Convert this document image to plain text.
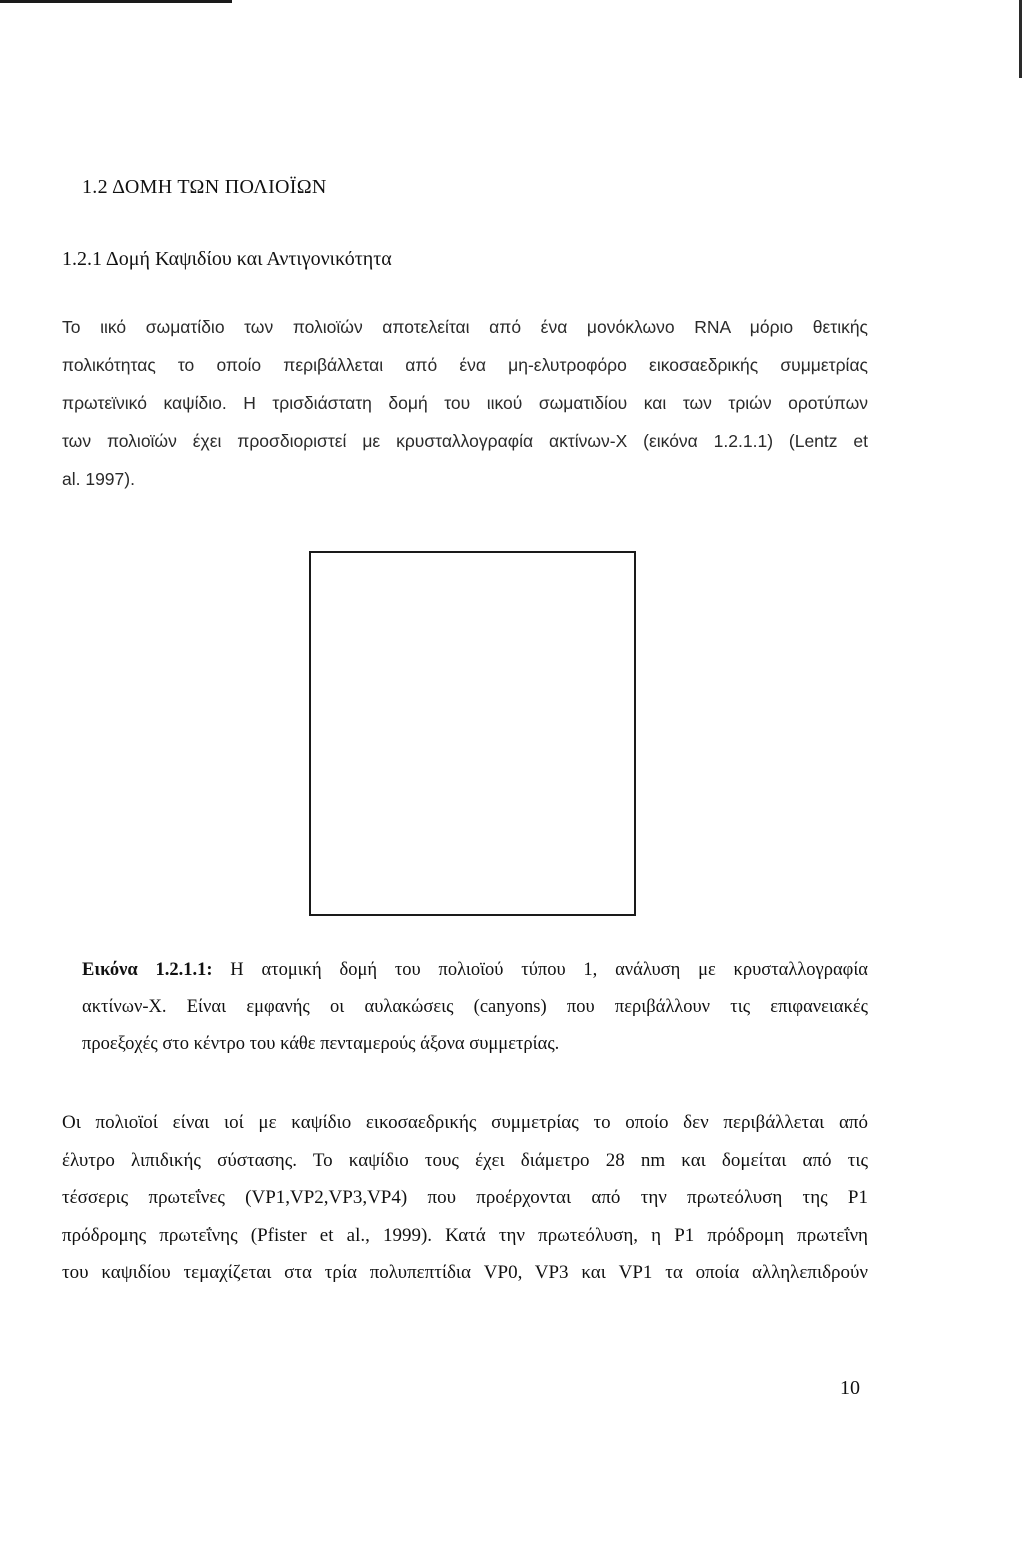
1.2 ΔΟΜΗ ΤΩΝ ΠΟΛΙΟΪΩΝ
1.2.1 Δομή Καψιδίου και Αντιγονικότητα

Το ιικό σωματίδιο των πολιοϊών αποτελείται από ένα μονόκλωνο RNA μόριο θετικής
πολικότητας το οποίο περιβάλλεται από ένα μη-ελυτροφόρο εικοσαεδρικής συμμετρίας
πρωτεϊνικό καψίδιο. Η τρισδιάστατη δομή του ιικού σωματιδίου και των τριών οροτύπων
των πολιοϊών έχει προσδιοριστεί με κρυσταλλογραφία ακτίνων-Χ (εικόνα 1.2.1.1) (Lentz et
al. 1997).

Εικόνα 1.2.1.1: Η ατομική δομή του πολιοϊού τύπου 1, ανάλυση με κρυσταλλογραφία
ακτίνων-Χ. Είναι εμφανής οι αυλακώσεις (canyons) που περιβάλλουν τις επιφανειακές
προεξοχές στο κέντρο του κάθε πενταμερούς άξονα συμμετρίας.

Οι πολιοϊοί είναι ιοί με καψίδιο εικοσαεδρικής συμμετρίας το οποίο δεν περιβάλλεται από
έλυτρο λιπιδικής σύστασης. Το καψίδιο τους έχει διάμετρο 28 nm και δομείται από τις
τέσσερις πρωτεΐνες (VP1,VP2,VP3,VP4) που προέρχονται από την πρωτεόλυση της P1
πρόδρομης πρωτεΐνης (Pfister et al., 1999). Κατά την πρωτεόλυση, η P1 πρόδρομη πρωτεΐνη
του καψιδίου τεμαχίζεται στα τρία πολυπεπτίδια VP0, VP3 και VP1 τα οποία αλληλεπιδρούν

10
